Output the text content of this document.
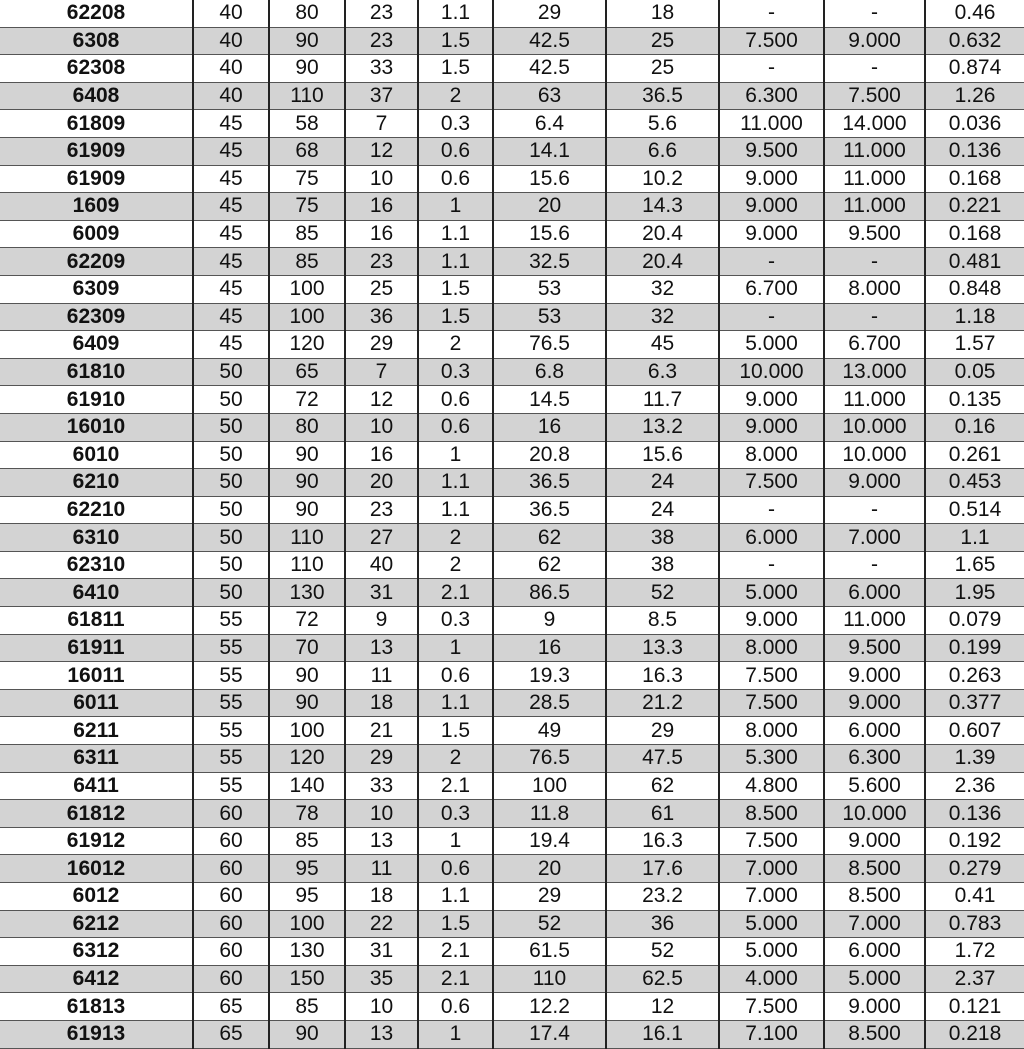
62208	40	80	23	1.1	29	18	-	-	0.46
6308	40	90	23	1.5	42.5	25	7.500	9.000	0.632
62308	40	90	33	1.5	42.5	25	-	-	0.874
6408	40	110	37	2	63	36.5	6.300	7.500	1.26
61809	45	58	7	0.3	6.4	5.6	11.000	14.000	0.036
61909	45	68	12	0.6	14.1	6.6	9.500	11.000	0.136
61909	45	75	10	0.6	15.6	10.2	9.000	11.000	0.168
1609	45	75	16	1	20	14.3	9.000	11.000	0.221
6009	45	85	16	1.1	15.6	20.4	9.000	9.500	0.168
62209	45	85	23	1.1	32.5	20.4	-	-	0.481
6309	45	100	25	1.5	53	32	6.700	8.000	0.848
62309	45	100	36	1.5	53	32	-	-	1.18
6409	45	120	29	2	76.5	45	5.000	6.700	1.57
61810	50	65	7	0.3	6.8	6.3	10.000	13.000	0.05
61910	50	72	12	0.6	14.5	11.7	9.000	11.000	0.135
16010	50	80	10	0.6	16	13.2	9.000	10.000	0.16
6010	50	90	16	1	20.8	15.6	8.000	10.000	0.261
6210	50	90	20	1.1	36.5	24	7.500	9.000	0.453
62210	50	90	23	1.1	36.5	24	-	-	0.514
6310	50	110	27	2	62	38	6.000	7.000	1.1
62310	50	110	40	2	62	38	-	-	1.65
6410	50	130	31	2.1	86.5	52	5.000	6.000	1.95
61811	55	72	9	0.3	9	8.5	9.000	11.000	0.079
61911	55	70	13	1	16	13.3	8.000	9.500	0.199
16011	55	90	11	0.6	19.3	16.3	7.500	9.000	0.263
6011	55	90	18	1.1	28.5	21.2	7.500	9.000	0.377
6211	55	100	21	1.5	49	29	8.000	6.000	0.607
6311	55	120	29	2	76.5	47.5	5.300	6.300	1.39
6411	55	140	33	2.1	100	62	4.800	5.600	2.36
61812	60	78	10	0.3	11.8	61	8.500	10.000	0.136
61912	60	85	13	1	19.4	16.3	7.500	9.000	0.192
16012	60	95	11	0.6	20	17.6	7.000	8.500	0.279
6012	60	95	18	1.1	29	23.2	7.000	8.500	0.41
6212	60	100	22	1.5	52	36	5.000	7.000	0.783
6312	60	130	31	2.1	61.5	52	5.000	6.000	1.72
6412	60	150	35	2.1	110	62.5	4.000	5.000	2.37
61813	65	85	10	0.6	12.2	12	7.500	9.000	0.121
61913	65	90	13	1	17.4	16.1	7.100	8.500	0.218
